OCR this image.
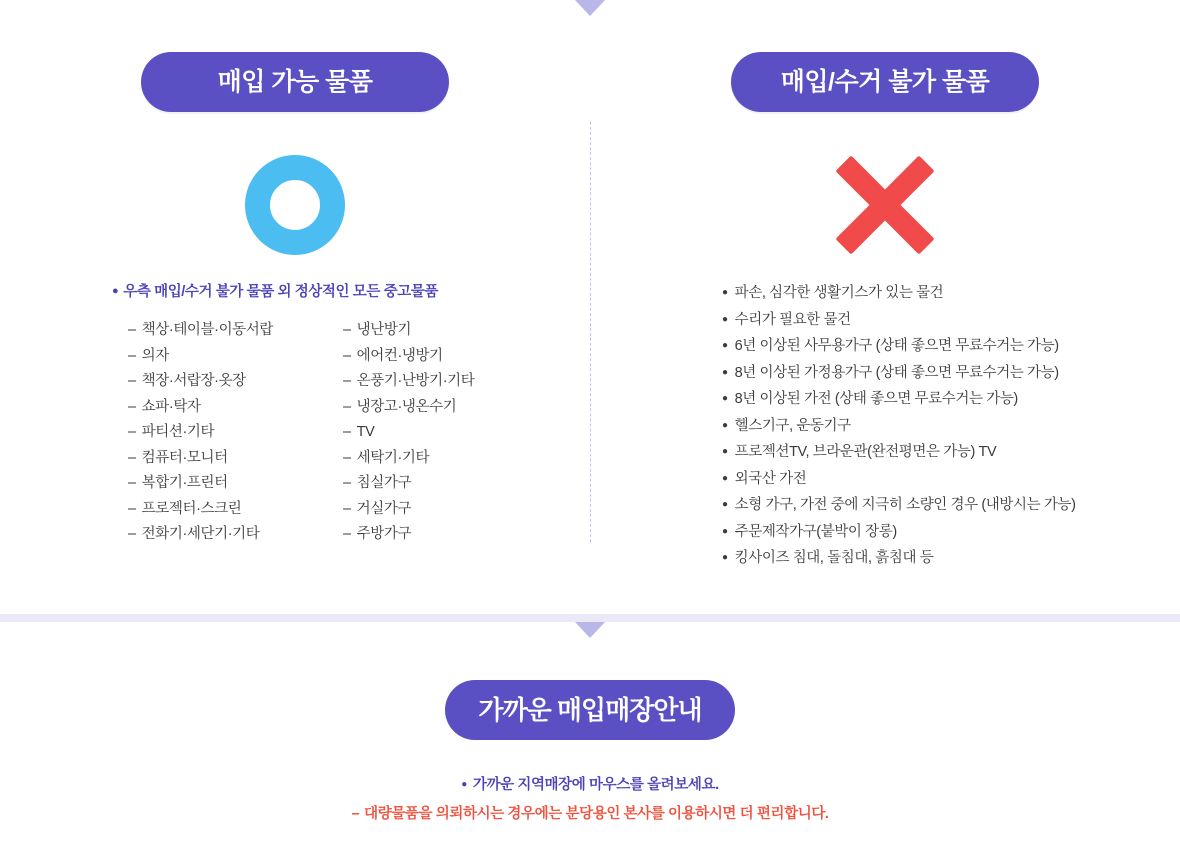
매입 가능 물품
● 우측 매입/수거 불가 물품 외 정상적인 모든 중고물품
– 책상·테이블·이동서랍
– 의자
– 책장·서랍장·옷장
– 쇼파·탁자
– 파티션·기타
– 컴퓨터·모니터
– 복합기·프린터
– 프로젝터·스크린
– 전화기·세단기·기타
– 냉난방기
– 에어컨·냉방기
– 온풍기·난방기·기타
– 냉장고·냉온수기
– TV
– 세탁기·기타
– 침실가구
– 거실가구
– 주방가구
매입/수거 불가 물품
● 파손, 심각한 생활기스가 있는 물건
● 수리가 필요한 물건
● 6년 이상된 사무용가구 (상태 좋으면 무료수거는 가능)
● 8년 이상된 가정용가구 (상태 좋으면 무료수거는 가능)
● 8년 이상된 가전 (상태 좋으면 무료수거는 가능)
● 헬스기구, 운동기구
● 프로젝션TV, 브라운관(완전평면은 가능) TV
● 외국산 가전
● 소형 가구, 가전 중에 지극히 소량인 경우 (내방시는 가능)
● 주문제작가구(붙박이 장롱)
● 킹사이즈 침대, 돌침대, 흙침대 등
가까운 매입매장안내
● 가까운 지역매장에 마우스를 올려보세요.
– 대량물품을 의뢰하시는 경우에는 분당용인 본사를 이용하시면 더 편리합니다.
